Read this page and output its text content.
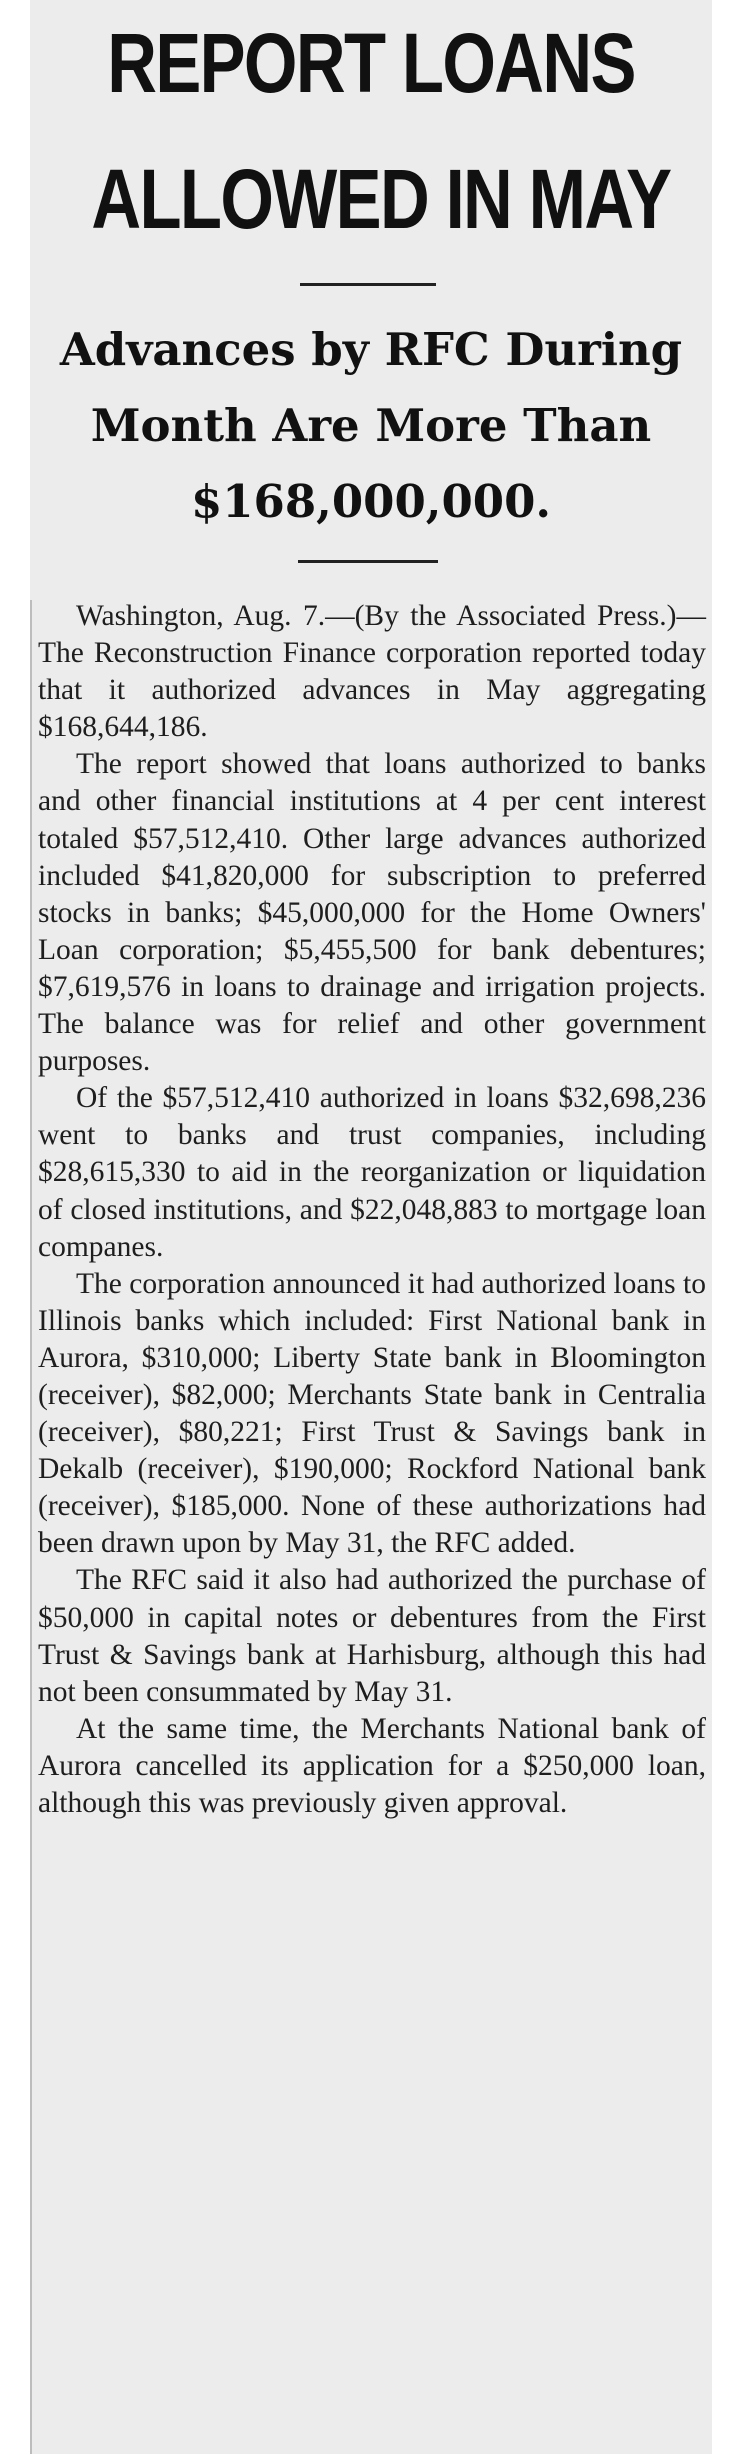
REPORT LOANS
ALLOWED IN MAY
Advances by RFC During
Month Are More Than
$168,000,000.

Washington, Aug. 7.—(By the Associated Press.)—The Reconstruction Finance corporation reported today that it authorized advances in May aggregating $168,644,186.

The report showed that loans authorized to banks and other financial institutions at 4 per cent interest totaled $57,512,410. Other large advances authorized included $41,820,000 for subscription to preferred stocks in banks; $45,000,000 for the Home Owners' Loan corporation; $5,455,500 for bank debentures; $7,619,576 in loans to drainage and irrigation projects. The balance was for relief and other government purposes.

Of the $57,512,410 authorized in loans $32,698,236 went to banks and trust companies, including $28,615,330 to aid in the reorganization or liquidation of closed institutions, and $22,048,883 to mortgage loan companes.

The corporation announced it had authorized loans to Illinois banks which included: First National bank in Aurora, $310,000; Liberty State bank in Bloomington (receiver), $82,000; Merchants State bank in Centralia (receiver), $80,221; First Trust & Savings bank in Dekalb (receiver), $190,000; Rockford National bank (receiver), $185,000. None of these authorizations had been drawn upon by May 31, the RFC added.

The RFC said it also had authorized the purchase of $50,000 in capital notes or debentures from the First Trust & Savings bank at Harhisburg, although this had not been consummated by May 31.

At the same time, the Merchants National bank of Aurora cancelled its application for a $250,000 loan, although this was previously given approval.
